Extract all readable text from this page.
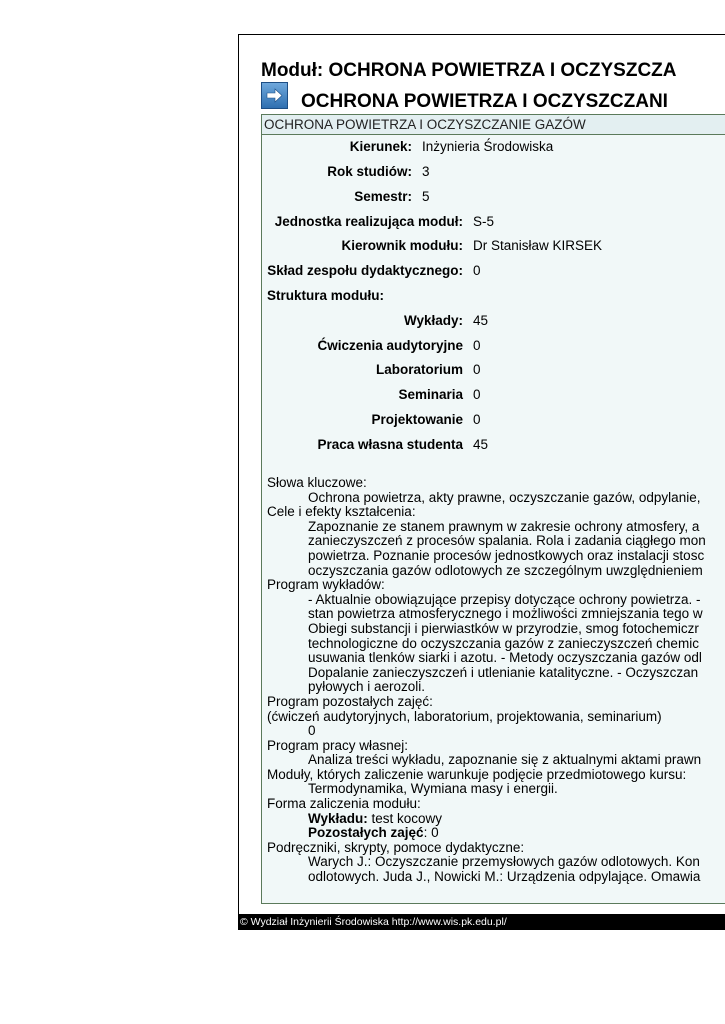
Moduł: OCHRONA POWIETRZA I OCZYSZCZA
OCHRONA POWIETRZA I OCZYSZCZANI
OCHRONA POWIETRZA I OCZYSZCZANIE GAZÓW
Kierunek: Inżynieria Środowiska
Rok studiów: 3
Semestr: 5
Jednostka realizująca moduł: S-5
Kierownik modułu: Dr Stanisław KIRSEK
Skład zespołu dydaktycznego: 0
Struktura modułu:
Wykłady: 45
Ćwiczenia audytoryjne 0
Laboratorium 0
Seminaria 0
Projektowanie 0
Praca własna studenta 45
Słowa kluczowe:
Ochrona powietrza, akty prawne, oczyszczanie gazów, odpylanie,
Cele i efekty kształcenia:
Zapoznanie ze stanem prawnym w zakresie ochrony atmosfery, a
zanieczyszczeń z procesów spalania. Rola i zadania ciągłego mon
powietrza. Poznanie procesów jednostkowych oraz instalacji stosc
oczyszczania gazów odlotowych ze szczególnym uwzględnieniem
Program wykładów:
- Aktualnie obowiązujące przepisy dotyczące ochrony powietrza. -
stan powietrza atmosferycznego i możliwości zmniejszania tego w
Obiegi substancji i pierwiastków w przyrodzie, smog fotochemiczr
technologiczne do oczyszczania gazów z zanieczyszczeń chemic
usuwania tlenków siarki i azotu. - Metody oczyszczania gazów odl
Dopalanie zanieczyszczeń i utlenianie katalityczne. - Oczyszczan
pyłowych i aerozoli.
Program pozostałych zajęć:
(ćwiczeń audytoryjnych, laboratorium, projektowania, seminarium)
0
Program pracy własnej:
Analiza treści wykładu, zapoznanie się z aktualnymi aktami prawn
Moduły, których zaliczenie warunkuje podjęcie przedmiotowego kursu:
Termodynamika, Wymiana masy i energii.
Forma zaliczenia modułu:
Wykładu: test kocowy
Pozostałych zajęć: 0
Podręczniki, skrypty, pomoce dydaktyczne:
Warych J.: Oczyszczanie przemysłowych gazów odlotowych. Kon
odlotowych. Juda J., Nowicki M.: Urządzenia odpylające. Omawia
© Wydział Inżynierii Środowiska http://www.wis.pk.edu.pl/
